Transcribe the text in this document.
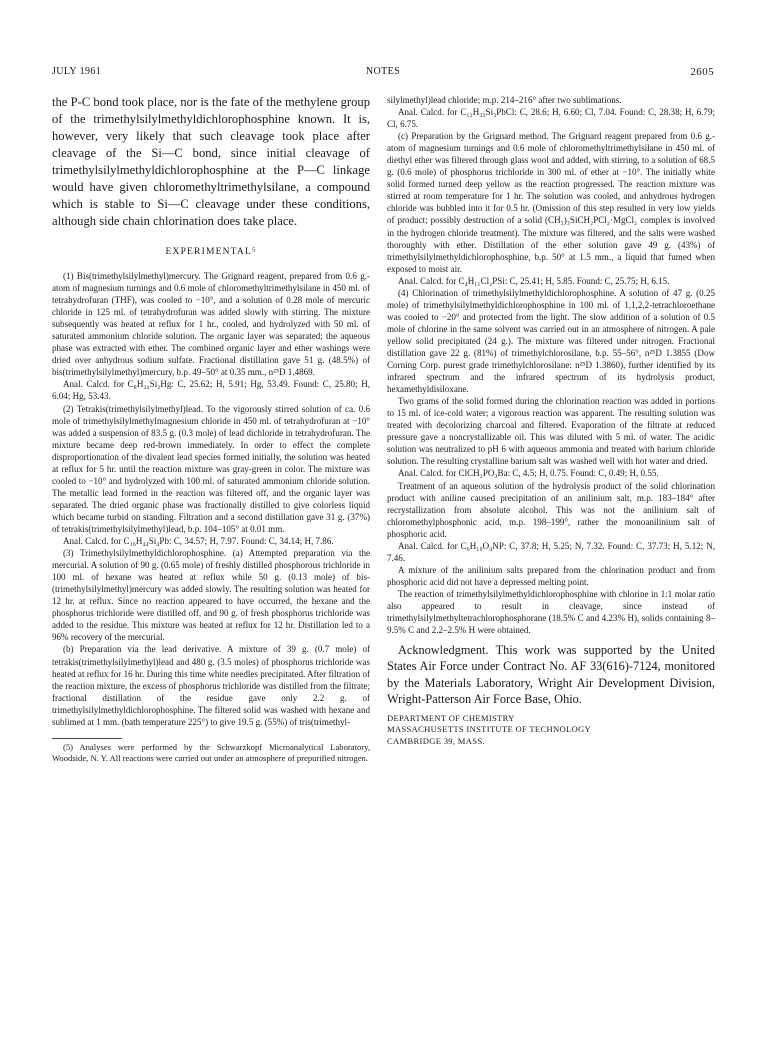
JULY 1961	NOTES	2605

the P-C bond took place, nor is the fate of the methylene group of the trimethylsilylmethyldichlorophosphine known. It is, however, very likely that such cleavage took place after cleavage of the Si—C bond, since initial cleavage of trimethylsilylmethyldichlorophosphine at the P—C linkage would have given chloromethyltrimethylsilane, a compound which is stable to Si—C cleavage under these conditions, although side chain chlorination does take place.

EXPERIMENTAL⁵

(1) Bis(trimethylsilylmethyl)mercury. The Grignard reagent, prepared from 0.6 g.-atom of magnesium turnings and 0.6 mole of chloromethyltrimethylsilane in 450 ml. of tetrahydrofuran (THF), was cooled to −10°, and a solution of 0.28 mole of mercuric chloride in 125 ml. of tetrahydrofuran was added slowly with stirring. The mixture subsequently was heated at reflux for 1 hr., cooled, and hydrolyzed with 50 ml. of saturated ammonium chloride solution. The organic layer was separated; the aqueous phase was extracted with ether. The combined organic layer and ether washings were dried over anhydrous sodium sulfate. Fractional distillation gave 51 g. (48.5%) of bis(trimethylsilylmethyl)mercury, b.p. 49–50° at 0.35 mm., n²⁵D 1.4869.

Anal. Calcd. for C₈H₂₂Si₂Hg: C, 25.62; H, 5.91; Hg, 53.49. Found: C, 25.80; H, 6.04; Hg, 53.43.

(2) Tetrakis(trimethylsilylmethyl)lead. To the vigorously stirred solution of ca. 0.6 mole of trimethylsilylmethylmagnesium chloride in 450 ml. of tetrahydrofuran at −10° was added a suspension of 83.5 g. (0.3 mole) of lead dichloride in tetrahydrofuran. The mixture became deep red-brown immediately. In order to effect the complete disproportionation of the divalent lead species formed initially, the solution was heated at reflux for 5 hr. until the reaction mixture was gray-green in color. The mixture was cooled to −10° and hydrolyzed with 100 ml. of saturated ammonium chloride solution. The metallic lead formed in the reaction was filtered off, and the organic layer was separated. The dried organic phase was fractionally distilled to give colorless liquid which became turbid on standing. Filtration and a second distillation gave 31 g. (37%) of tetrakis(trimethylsilylmethyl)lead, b.p. 104–105° at 0.01 mm.

Anal. Calcd. for C₁₆H₄₄Si₄Pb: C, 34.57; H, 7.97. Found: C, 34.14; H, 7.86.

(3) Trimethylsilylmethyldichlorophosphine. (a) Attempted preparation via the mercurial. A solution of 90 g. (0.65 mole) of freshly distilled phosphorous trichloride in 100 ml. of hexane was heated at reflux while 50 g. (0.13 mole) of bis-(trimethylsilylmethyl)mercury was added slowly. The resulting solution was heated for 12 hr. at reflux. Since no reaction appeared to have occurred, the hexane and the phosphorus trichloride were distilled off, and 90 g. of fresh phosphorus trichloride was added to the residue. This mixture was heated at reflux for 12 hr. Distillation led to a 96% recovery of the mercurial.

(b) Preparation via the lead derivative. A mixture of 39 g. (0.7 mole) of tetrakis(trimethylsilylmethyl)lead and 480 g. (3.5 moles) of phosphorus trichloride was heated at reflux for 16 hr. During this time white needles precipitated. After filtration of the reaction mixture, the excess of phosphorus trichloride was distilled from the filtrate; fractional distillation of the residue gave only 2.2 g. of trimethylsilylmethyldichlorophosphine. The filtered solid was washed with hexane and sublimed at 1 mm. (bath temperature 225°) to give 19.5 g. (55%) of tris(trimethyl-

(5) Analyses were performed by the Schwarzkopf Microanalytical Laboratory, Woodside, N. Y. All reactions were carried out under an atmosphere of prepurified nitrogen.

silylmethyl)lead chloride; m.p. 214–216° after two sublimations.

Anal. Calcd. for C₁₂H₃₃Si₃PbCl: C, 28.6; H, 6.60; Cl, 7.04. Found: C, 28.38; H, 6.79; Cl, 6.75.

(c) Preparation by the Grignard method. The Grignard reagent prepared from 0.6 g.-atom of magnesium turnings and 0.6 mole of chloromethyltrimethylsilane in 450 ml. of diethyl ether was filtered through glass wool and added, with stirring, to a solution of 68.5 g. (0.6 mole) of phosphorus trichloride in 300 ml. of ether at −10°. The initially white solid formed turned deep yellow as the reaction progressed. The reaction mixture was stirred at room temperature for 1 hr. The solution was cooled, and anhydrous hydrogen chloride was bubbled into it for 0.5 hr. (Omission of this step resulted in very low yields of product; possibly destruction of a solid (CH₃)₃SiCH₂PCl₂·MgCl₂ complex is involved in the hydrogen chloride treatment). The mixture was filtered, and the salts were washed thoroughly with ether. Distillation of the ether solution gave 49 g. (43%) of trimethylsilylmethyldichlorophosphine, b.p. 50° at 1.5 mm., a liquid that fumed when exposed to moist air.

Anal. Calcd. for C₄H₁₁Cl₂PSi: C, 25.41; H, 5.85. Found: C, 25.75; H, 6.15.

(4) Chlorination of trimethylsilylmethyldichlorophosphine. A solution of 47 g. (0.25 mole) of trimethylsilylmethyldichlorophosphine in 100 ml. of 1,1,2,2-tetrachloroethane was cooled to −20° and protected from the light. The slow addition of a solution of 0.5 mole of chlorine in the same solvent was carried out in an atmosphere of nitrogen. A pale yellow solid precipitated (24 g.). The mixture was filtered under nitrogen. Fractional distillation gave 22 g. (81%) of trimethylchlorosilane, b.p. 55–56°, n²⁵D 1.3855 (Dow Corning Corp. purest grade trimethylchlorosilane: n²⁵D 1.3860), further identified by its infrared spectrum and the infrared spectrum of its hydrolysis product, hexamethyldisiloxane.

Two grams of the solid formed during the chlorination reaction was added in portions to 15 ml. of ice-cold water; a vigorous reaction was apparent. The resulting solution was treated with decolorizing charcoal and filtered. Evaporation of the filtrate at reduced pressure gave a noncrystallizable oil. This was diluted with 5 ml. of water. The acidic solution was neutralized to pH 6 with aqueous ammonia and treated with barium chloride solution. The resulting crystalline barium salt was washed well with hot water and dried.

Anal. Calcd. for ClCH₂PO₃Ba: C, 4.5; H, 0.75. Found: C, 0.49; H, 0.55.

Treatment of an aqueous solution of the hydrolysis product of the solid chlorination product with aniline caused precipitation of an anilinium salt, m.p. 183–184° after recrystallization from absolute alcohol. This was not the anilinium salt of chloromethylphosphonic acid, m.p. 198–199°, rather the monoanilinium salt of phosphoric acid.

Anal. Calcd. for C₆H₁₀O₄NP: C, 37.8; H, 5.25; N, 7.32. Found: C, 37.73; H, 5.12; N, 7.46.

A mixture of the anilinium salts prepared from the chlorination product and from phosphoric acid did not have a depressed melting point.

The reaction of trimethylsilylmethyldichlorophosphine with chlorine in 1:1 molar ratio also appeared to result in cleavage, since instead of trimethylsilylmethyltetrachlorophosphorane (18.5% C and 4.23% H), solids containing 8–9.5% C and 2.2–2.5% H were obtained.

Acknowledgment. This work was supported by the United States Air Force under Contract No. AF 33(616)-7124, monitored by the Materials Laboratory, Wright Air Development Division, Wright-Patterson Air Force Base, Ohio.

DEPARTMENT OF CHEMISTRY
MASSACHUSETTS INSTITUTE OF TECHNOLOGY
CAMBRIDGE 39, MASS.
